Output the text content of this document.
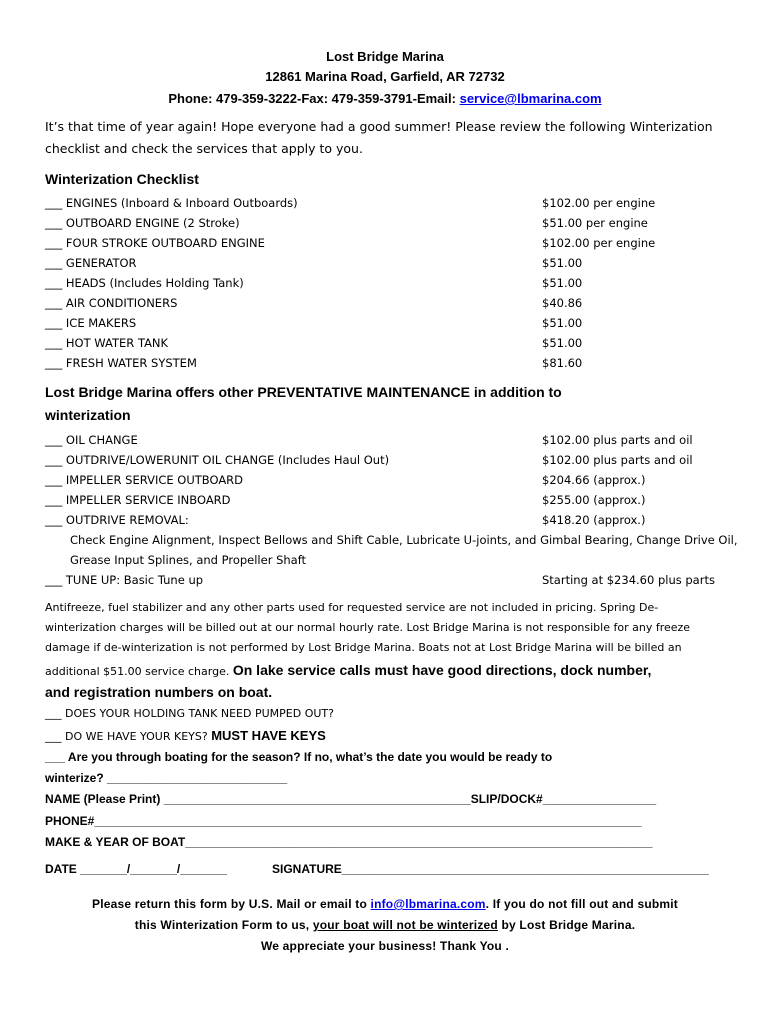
Lost Bridge Marina
12861 Marina Road, Garfield, AR 72732
Phone: 479-359-3222-Fax: 479-359-3791-Email: service@lbmarina.com
It’s that time of year again! Hope everyone had a good summer! Please review the following Winterization
checklist and check the services that apply to you.
Winterization Checklist
___ ENGINES (Inboard & Inboard Outboards)	$102.00 per engine
___ OUTBOARD ENGINE (2 Stroke)	$51.00 per engine
___ FOUR STROKE OUTBOARD ENGINE	$102.00 per engine
___ GENERATOR	$51.00
___ HEADS (Includes Holding Tank)	$51.00
___ AIR CONDITIONERS	$40.86
___ ICE MAKERS	$51.00
___ HOT WATER TANK	$51.00
___ FRESH WATER SYSTEM	$81.60
Lost Bridge Marina offers other PREVENTATIVE MAINTENANCE in addition to
winterization
___ OIL CHANGE	$102.00 plus parts and oil
___ OUTDRIVE/LOWERUNIT OIL CHANGE (Includes Haul Out)	$102.00 plus parts and oil
___ IMPELLER SERVICE OUTBOARD	$204.66 (approx.)
___ IMPELLER SERVICE INBOARD	$255.00 (approx.)
___ OUTDRIVE REMOVAL:	$418.20 (approx.)
Check Engine Alignment, Inspect Bellows and Shift Cable, Lubricate U-joints, and Gimbal Bearing, Change Drive Oil,
Grease Input Splines, and Propeller Shaft
___ TUNE UP: Basic Tune up	Starting at $234.60 plus parts
Antifreeze, fuel stabilizer and any other parts used for requested service are not included in pricing. Spring De-
winterization charges will be billed out at our normal hourly rate. Lost Bridge Marina is not responsible for any freeze
damage if de-winterization is not performed by Lost Bridge Marina. Boats not at Lost Bridge Marina will be billed an
additional $51.00 service charge. On lake service calls must have good directions, dock number,
and registration numbers on boat.
___ DOES YOUR HOLDING TANK NEED PUMPED OUT?
___ DO WE HAVE YOUR KEYS? MUST HAVE KEYS
___ Are you through boating for the season? If no, what’s the date you would be ready to
winterize? ___________________________
NAME (Please Print) ______________________________________________SLIP/DOCK#_________________
PHONE#__________________________________________________________________________________
MAKE & YEAR OF BOAT______________________________________________________________________
DATE _______/_______/_______	SIGNATURE_______________________________________________________
Please return this form by U.S. Mail or email to info@lbmarina.com. If you do not fill out and submit
this Winterization Form to us, your boat will not be winterized by Lost Bridge Marina.
We appreciate your business! Thank You .
